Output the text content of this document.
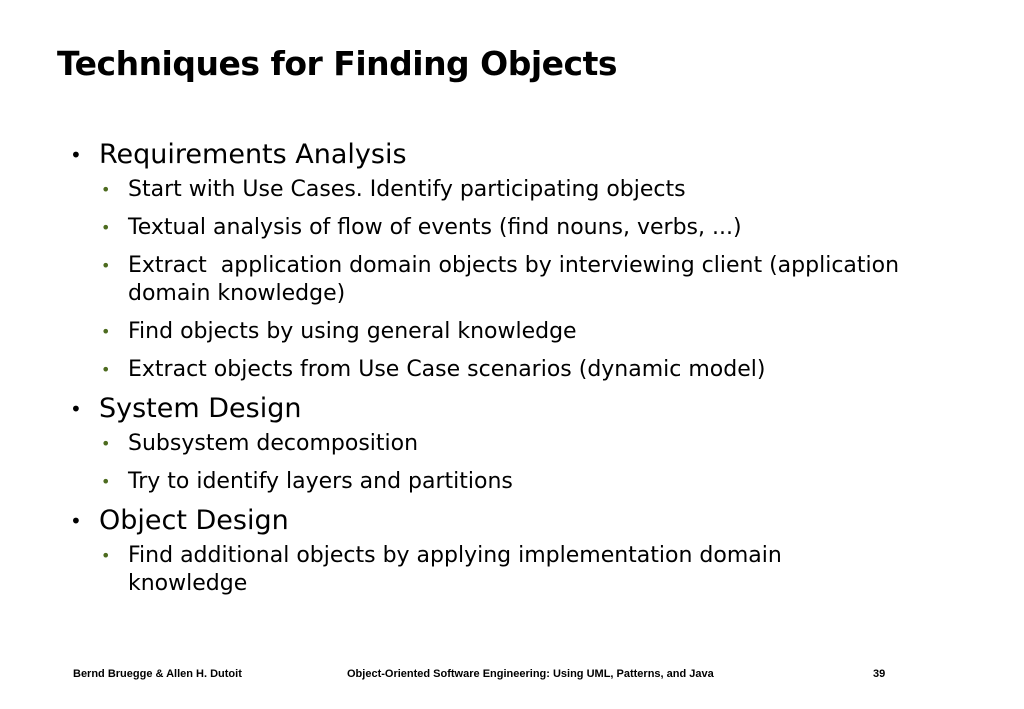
Techniques for Finding Objects
• Requirements Analysis
• Start with Use Cases. Identify participating objects
• Textual analysis of flow of events (find nouns, verbs, ...)
• Extract  application domain objects by interviewing client (application domain knowledge)
• Find objects by using general knowledge
• Extract objects from Use Case scenarios (dynamic model)
• System Design
• Subsystem decomposition
• Try to identify layers and partitions
• Object Design
• Find additional objects by applying implementation domain knowledge
Bernd Bruegge & Allen H. Dutoit	Object-Oriented Software Engineering: Using UML, Patterns, and Java	39
